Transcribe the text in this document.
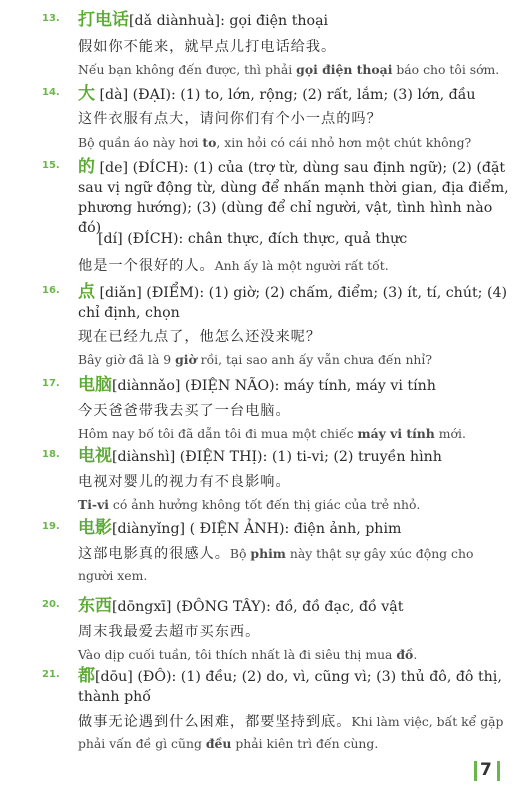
13. 打电话[dǎ diànhuà]: gọi điện thoại
假如你不能来，就早点儿打电话给我。
Nếu bạn không đến được, thì phải gọi điện thoại báo cho tôi sớm.
14. 大 [dà] (ĐẠI): (1) to, lớn, rộng; (2) rất, lắm; (3) lớn, đầu
这件衣服有点大，请问你们有个小一点的吗？
Bộ quần áo này hơi to, xin hỏi có cái nhỏ hơn một chút không?
15. 的 [de] (ĐÍCH): (1) của (trợ từ, dùng sau định ngữ); (2) (đặt sau vị ngữ động từ, dùng để nhấn mạnh thời gian, địa điểm, phương hướng); (3) (dùng để chỉ người, vật, tình hình nào đó)
[dí] (ĐÍCH): chân thực, đích thực, quả thực
他是一个很好的人。Anh ấy là một người rất tốt.
16. 点 [diǎn] (ĐIỂM): (1) giờ; (2) chấm, điểm; (3) ít, tí, chút; (4) chỉ định, chọn
现在已经九点了，他怎么还没来呢？
Bây giờ đã là 9 giờ rồi, tại sao anh ấy vẫn chưa đến nhỉ?
17. 电脑[diànnǎo] (ĐIỆN NÃO): máy tính, máy vi tính
今天爸爸带我去买了一台电脑。
Hôm nay bố tôi đã dẫn tôi đi mua một chiếc máy vi tính mới.
18. 电视[diànshì] (ĐIỆN THỊ): (1) ti-vi; (2) truyền hình
电视对婴儿的视力有不良影响。
Ti-vi có ảnh hưởng không tốt đến thị giác của trẻ nhỏ.
19. 电影[diànyǐng] ( ĐIỆN ẢNH): điện ảnh, phim
这部电影真的很感人。Bộ phim này thật sự gây xúc động cho người xem.
20. 东西[dōngxī] (ĐÔNG TÂY): đồ, đồ đạc, đồ vật
周末我最爱去超市买东西。
Vào dịp cuối tuần, tôi thích nhất là đi siêu thị mua đồ.
21. 都[dōu] (ĐÔ): (1) đều; (2) do, vì, cũng vì; (3) thủ đô, đô thị, thành phố
做事无论遇到什么困难，都要坚持到底。Khi làm việc, bất kể gặp phải vấn đề gì cũng đều phải kiên trì đến cùng.
7
